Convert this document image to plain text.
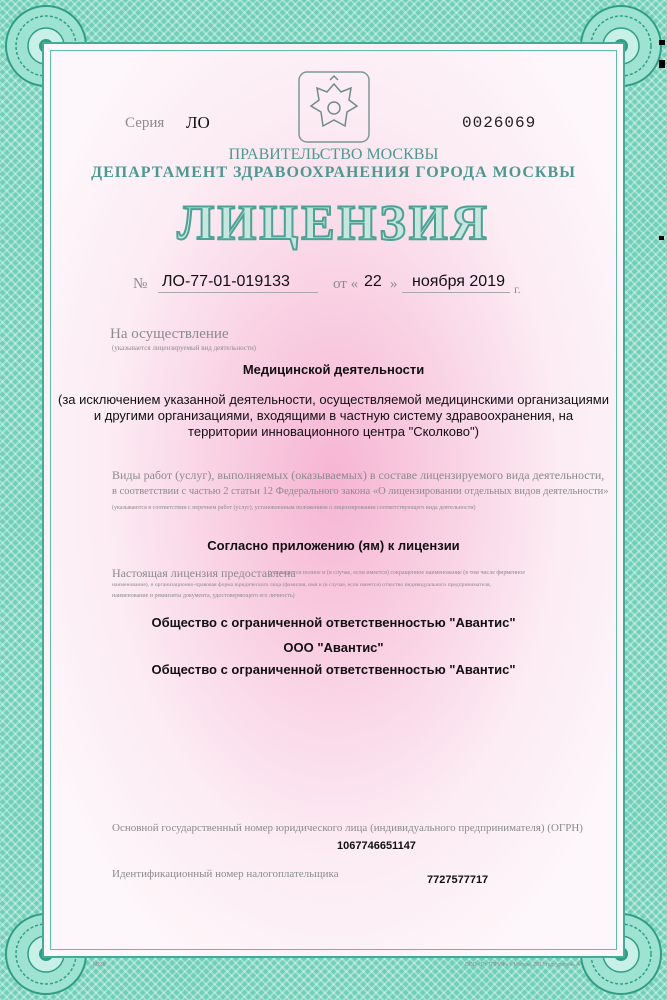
Серия ЛО	0026069
ПРАВИТЕЛЬСТВО МОСКВЫ
ДЕПАРТАМЕНТ ЗДРАВООХРАНЕНИЯ ГОРОДА МОСКВЫ
ЛИЦЕНЗИЯ
№ ЛО-77-01-019133	от « 22 » ноября 2019 г.
На осуществление
(указывается лицензируемый вид деятельности)
Медицинской деятельности
(за исключением указанной деятельности, осуществляемой медицинскими организациями
и другими организациями, входящими в частную систему здравоохранения, на
территории инновационного центра "Сколково")
Виды работ (услуг), выполняемых (оказываемых) в составе лицензируемого вида деятельности,
в соответствии с частью 2 статьи 12 Федерального закона «О лицензировании отдельных видов деятельности»
(указываются в соответствии с перечнем работ (услуг), установленным положением о лицензировании соответствующего вида деятельности)
Согласно приложению (ям) к лицензии
Настоящая лицензия предоставлена
(указывается полное и (в случае, если имеется) сокращенное наименование (в том числе фирменное
наименование), и организационно-правовая форма юридического лица (фамилия, имя и (в случае, если имеется) отчество индивидуального предпринимателя,
наименование и реквизиты документа, удостоверяющего его личность)
Общество с ограниченной ответственностью "Авантис"
ООО "Авантис"
Общество с ограниченной ответственностью "Авантис"
Основной государственный номер юридического лица (индивидуального предпринимателя) (ОГРН)
1067746651147
Идентификационный номер налогоплательщика	7727577717
М238	ООО «Пт ТПРИФ» г. Москва, 2017 год, уровень А
